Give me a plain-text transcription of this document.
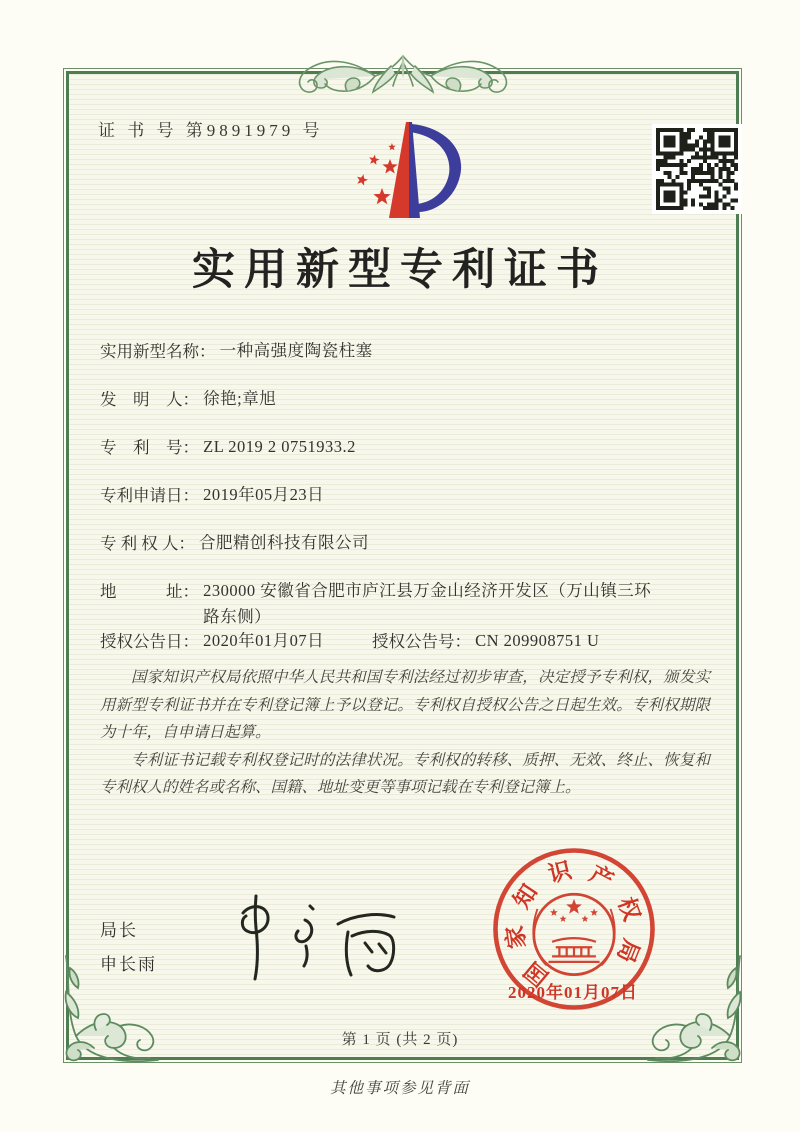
证 书 号 第9891979 号
实用新型专利证书
实用新型名称： 一种高强度陶瓷柱塞
发　明　人： 徐艳;章旭
专　利　号： ZL 2019 2 0751933.2
专利申请日： 2019年05月23日
专 利 权 人： 合肥精创科技有限公司
地　　　址： 230000 安徽省合肥市庐江县万金山经济开发区（万山镇三环路东侧）
授权公告日： 2020年01月07日	授权公告号： CN 209908751 U

国家知识产权局依照中华人民共和国专利法经过初步审查，决定授予专利权，颁发实用新型专利证书并在专利登记簿上予以登记。专利权自授权公告之日起生效。专利权期限为十年，自申请日起算。

专利证书记载专利权登记时的法律状况。专利权的转移、质押、无效、终止、恢复和专利权人的姓名或名称、国籍、地址变更等事项记载在专利登记簿上。

局长
申长雨	国
家
知
识 产
权
局
2020年01月07日
第 1 页 (共 2 页)
其他事项参见背面
